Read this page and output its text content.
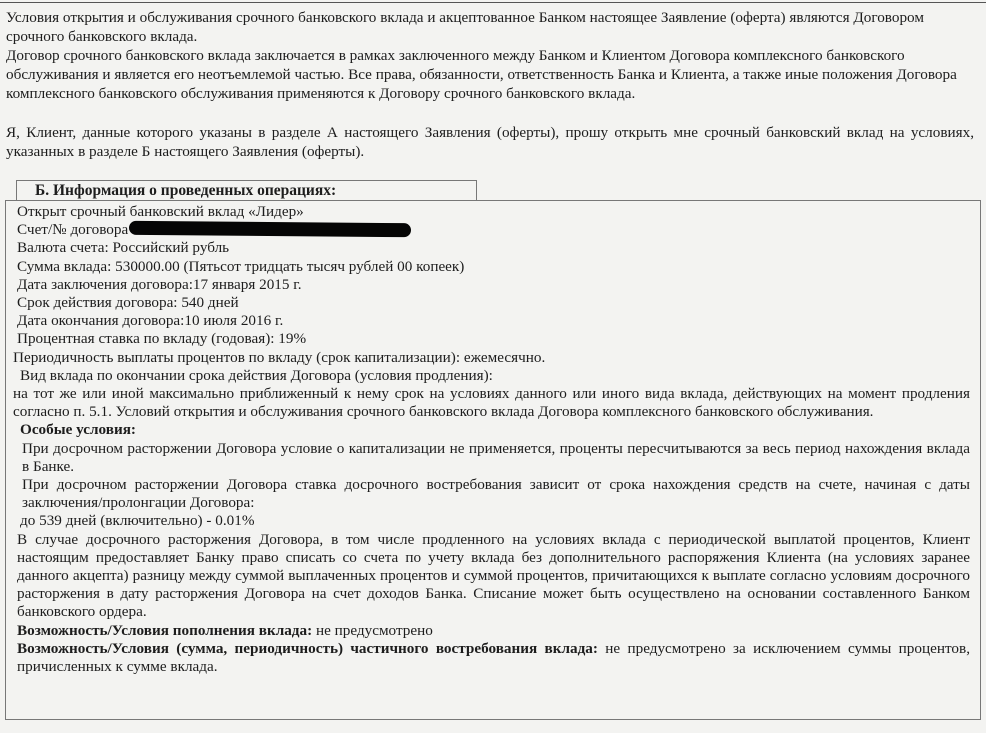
Условия открытия и обслуживания срочного банковского вклада и акцептованное Банком настоящее Заявление (оферта) являются Договором срочного банковского вклада.

Договор срочного банковского вклада заключается в рамках заключенного между Банком и Клиентом Договора комплексного банковского обслуживания и является его неотъемлемой частью. Все права, обязанности, ответственность Банка и Клиента, а также иные положения Договора комплексного банковского обслуживания применяются к Договору срочного банковского вклада.

Я, Клиент, данные которого указаны в разделе А настоящего Заявления (оферты), прошу открыть мне срочный банковский вклад на условиях, указанных в разделе Б настоящего Заявления (оферты).
Б. Информация о проведенных операциях:

Открыт срочный банковский вклад «Лидер»

Счет/№ договора

Валюта счета: Российский рубль

Сумма вклада: 530000.00 (Пятьсот тридцать тысяч рублей 00 копеек)

Дата заключения договора:17 января 2015 г.

Срок действия договора: 540 дней

Дата окончания договора:10 июля 2016 г.

Процентная ставка по вкладу (годовая): 19%

Периодичность выплаты процентов по вкладу (срок капитализации): ежемесячно.

Вид вклада по окончании срока действия Договора (условия продления):

на тот же или иной максимально приближенный к нему срок на условиях данного или иного вида вклада, действующих на момент продления согласно п. 5.1. Условий открытия и обслуживания срочного банковского вклада Договора комплексного банковского обслуживания.

Особые условия:

При досрочном расторжении Договора условие о капитализации не применяется, проценты пересчитываются за весь период нахождения вклада в Банке.

При досрочном расторжении Договора ставка досрочного востребования зависит от срока нахождения средств на счете, начиная с даты заключения/пролонгации Договора:

до 539 дней (включительно) - 0.01%

В случае досрочного расторжения Договора, в том числе продленного на условиях вклада с периодической выплатой процентов, Клиент настоящим предоставляет Банку право списать со счета по учету вклада без дополнительного распоряжения Клиента (на условиях заранее данного акцепта) разницу между суммой выплаченных процентов и суммой процентов, причитающихся к выплате согласно условиям досрочного расторжения в дату расторжения Договора на счет доходов Банка. Списание может быть осуществлено на основании составленного Банком банковского ордера.

Возможность/Условия пополнения вклада: не предусмотрено

Возможность/Условия (сумма, периодичность) частичного востребования вклада: не предусмотрено за исключением суммы процентов, причисленных к сумме вклада.
